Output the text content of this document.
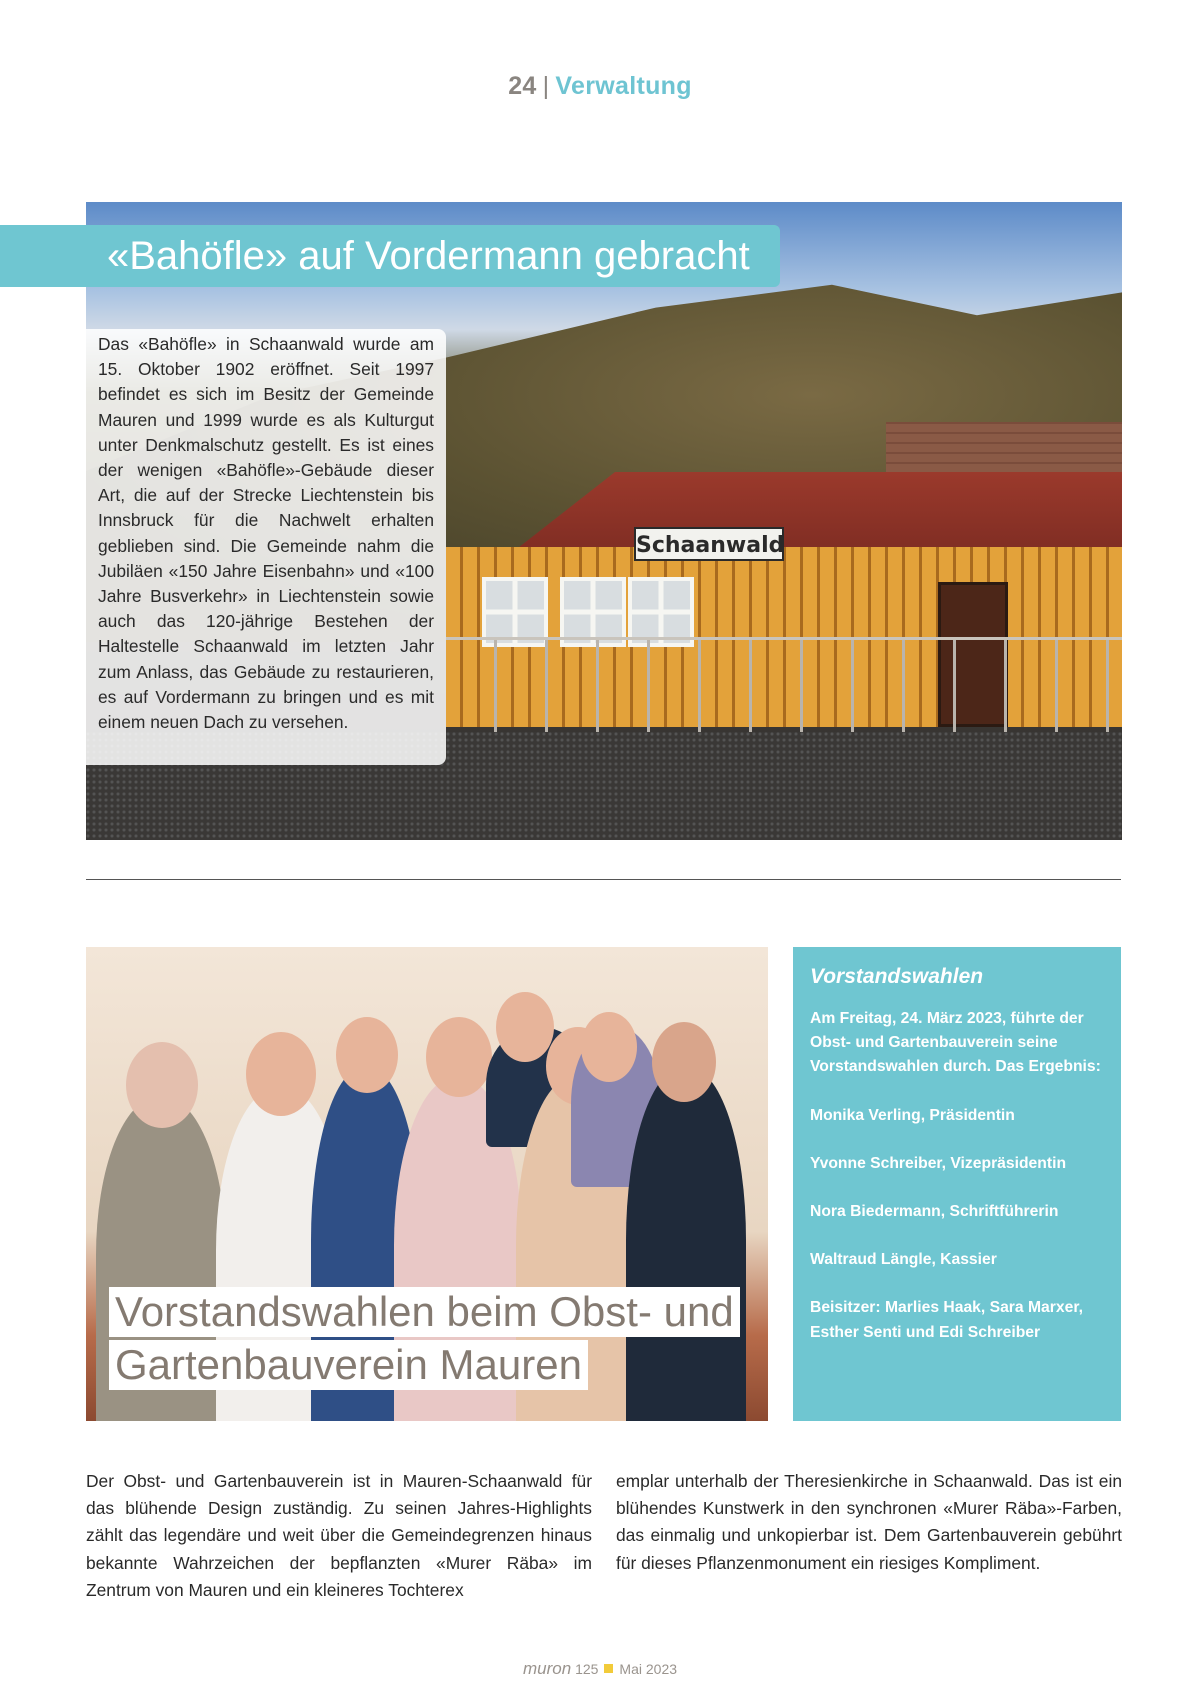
24 | Verwaltung
Schaanwald
«Bahöfle» auf Vordermann gebracht

Das «Bahöfle» in Schaanwald wurde am 15. Oktober 1902 eröffnet. Seit 1997 befindet es sich im Besitz der Gemeinde Mauren und 1999 wurde es als Kulturgut unter Denkmalschutz gestellt. Es ist eines der wenigen «Bahöfle»-Gebäude dieser Art, die auf der Strecke Liechtenstein bis Innsbruck für die Nachwelt erhalten geblieben sind. Die Gemeinde nahm die Jubiläen «150 Jahre Eisenbahn» und «100 Jahre Busverkehr» in Liechtenstein sowie auch das 120-jährige Bestehen der Haltestelle Schaanwald im letzten Jahr zum Anlass, das Gebäude zu restaurieren, es auf Vordermann zu bringen und es mit einem neuen Dach zu versehen.

Vorstandswahlen beim Obst- und
Gartenbauverein Mauren
Vorstandswahlen

Am Freitag, 24. März 2023, führte der Obst- und Gartenbauverein seine Vorstandswahlen durch. Das Ergebnis:

Monika Verling, Präsidentin

Yvonne Schreiber, Vizepräsidentin

Nora Biedermann, Schriftführerin

Waltraud Längle, Kassier

Beisitzer: Marlies Haak, Sara Marxer, Esther Senti und Edi Schreiber

Der Obst- und Gartenbauverein ist in Mauren-Schaanwald für das blühende Design zuständig. Zu seinen Jahres-Highlights zählt das legendäre und weit über die Gemeindegrenzen hinaus bekannte Wahrzeichen der bepflanzten «Murer Räba» im Zentrum von Mauren und ein kleineres Tochterex

emplar unterhalb der Theresienkirche in Schaanwald. Das ist ein blühendes Kunstwerk in den synchronen «Murer Räba»-Farben, das einmalig und unkopierbar ist. Dem Gartenbauverein gebührt für dieses Pflanzenmonument ein riesiges Kompliment.

muron 125 Mai 2023
